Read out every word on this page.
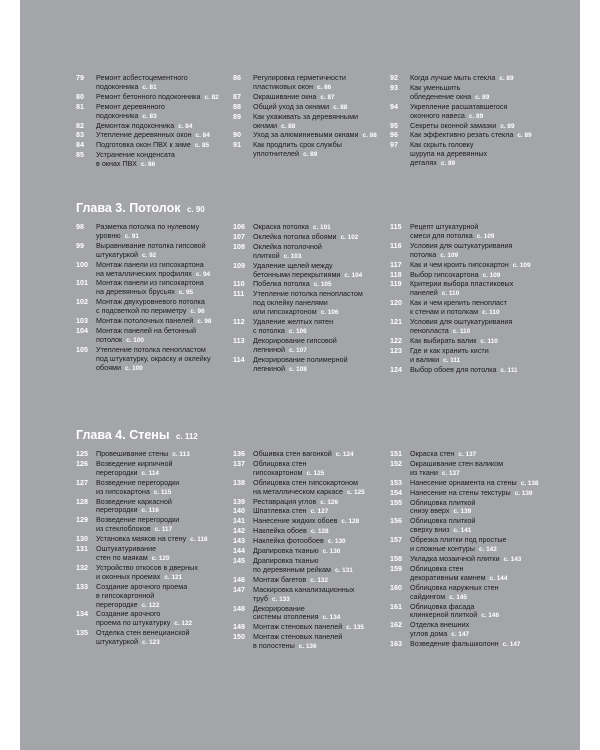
79	Ремонт асбестоцементного
подоконника с. 81
80	Ремонт бетонного подоконника с. 82
81	Ремонт деревянного
подоконника с. 83
82	Демонтаж подоконника с. 84
83	Утепление деревянных окон с. 84
84	Подготовка окон ПВХ к зиме с. 85
85	Устранение конденсата
в окнах ПВХ с. 86
86	Регулировка герметичности
пластиковых окон с. 86
87	Окрашивание окна с. 87
88	Общий уход за окнами с. 88
89	Как ухаживать за деревянными
окнами с. 88
90	Уход за алюминиевыми окнами с. 88
91	Как продлить срок службы
уплотнителей с. 89
92	Когда лучше мыть стекла с. 89
93	Как уменьшить
обледенение окна с. 89
94	Укрепление расшатавшегося
оконного навеса с. 89
95	Секреты оконной замазки с. 89
96	Как эффективно резать стекла с. 89
97	Как скрыть головку
шурупа на деревянных
деталях с. 89
Глава 3. Потолок с. 90
98	Разметка потолка по нулевому
уровню с. 91
99	Выравнивание потолка гипсовой
штукатуркой с. 92
100	Монтаж панели из гипсокартона
на металлических профилях с. 94
101	Монтаж панели из гипсокартона
на деревянных брусьях с. 95
102	Монтаж двухуровневого потолка
с подсветкой по периметру с. 96
103	Монтаж потолочных панелей с. 98
104	Монтаж панелей на бетонный
потолок с. 100
105	Утепление потолка пенопластом
под штукатурку, окраску и оклейку
обоями с. 100
106	Окраска потолка с. 101
107	Оклейка потолка обоями с. 102
108	Оклейка потолочной
плиткой с. 103
109	Удаление щелей между
бетонными перекрытиями с. 104
110	Побелка потолка с. 105
111	Утепление потолка пенопластом
под оклейку панелями
или гипсокартоном с. 106
112	Удаление желтых пятен
с потолка с. 106
113	Декорирование гипсовой
лепниной с. 107
114	Декорирование полимерной
лепниной с. 108
115	Рецепт штукатурной
смеси для потолка с. 109
116	Условия для оштукатуривания
потолка с. 109
117	Как и чем кроить гипсокартон с. 109
118	Выбор гипсокартона с. 109
119	Критерии выбора пластиковых
панелей с. 110
120	Как и чем крепить пенопласт
к стенам и потолкам с. 110
121	Условия для оштукатуривания
пенопласта с. 110
122	Как выбирать валик с. 110
123	Где и как хранить кисти
и валики с. 111
124	Выбор обоев для потолка с. 111
Глава 4. Стены с. 112
125	Провешивание стены с. 113
126	Возведение кирпичной
перегородки с. 114
127	Возведение перегородки
из гипсокартона с. 115
128	Возведение каркасной
перегородки с. 116
129	Возведение перегородки
из стеклоблоков с. 117
130	Установка маяков на стену с. 118
131	Оштукатуривание
стен по маякам с. 120
132	Устройство откосов в дверных
и оконных проемах с. 121
133	Создание арочного проема
в гипсокартонной
перегородке с. 122
134	Создание арочного
проема по штукатурку с. 122
135	Отделка стен венецианской
штукатуркой с. 123
136	Обшивка стен вагонкой с. 124
137	Облицовка стен
гипсокартоном с. 125
138	Облицовка стен гипсокартоном
на металлическом каркасе с. 125
139	Реставрация углов с. 126
140	Шпатлевка стен с. 127
141	Нанесение жидких обоев с. 128
142	Наклейка обоев с. 128
143	Наклейка фотообоев с. 130
144	Драпировка тканью с. 130
145	Драпировка тканью
по деревянным рейкам с. 131
146	Монтаж багетов с. 132
147	Маскировка канализационных
труб с. 133
148	Декорирование
системы отопления с. 134
149	Монтаж стеновых панелей с. 135
150	Монтаж стеновых панелей
в полостены с. 136
151	Окраска стен с. 137
152	Окрашивание стен валиком
из ткани с. 137
153	Нанесение орнамента на стены с. 138
154	Нанесение на стены текстуры с. 139
155	Облицовка плиткой
снизу вверх с. 139
156	Облицовка плиткой
сверху вниз с. 141
157	Обрезка плитки под простые
и сложные контуры с. 142
158	Укладка мозаичной плитки с. 143
159	Облицовка стен
декоративным камнем с. 144
160	Облицовка наружных стен
сайдингом с. 145
161	Облицовка фасада
клинкерной плиткой с. 146
162	Отделка внешних
углов дома с. 147
163	Возведение фальшколонн с. 147
